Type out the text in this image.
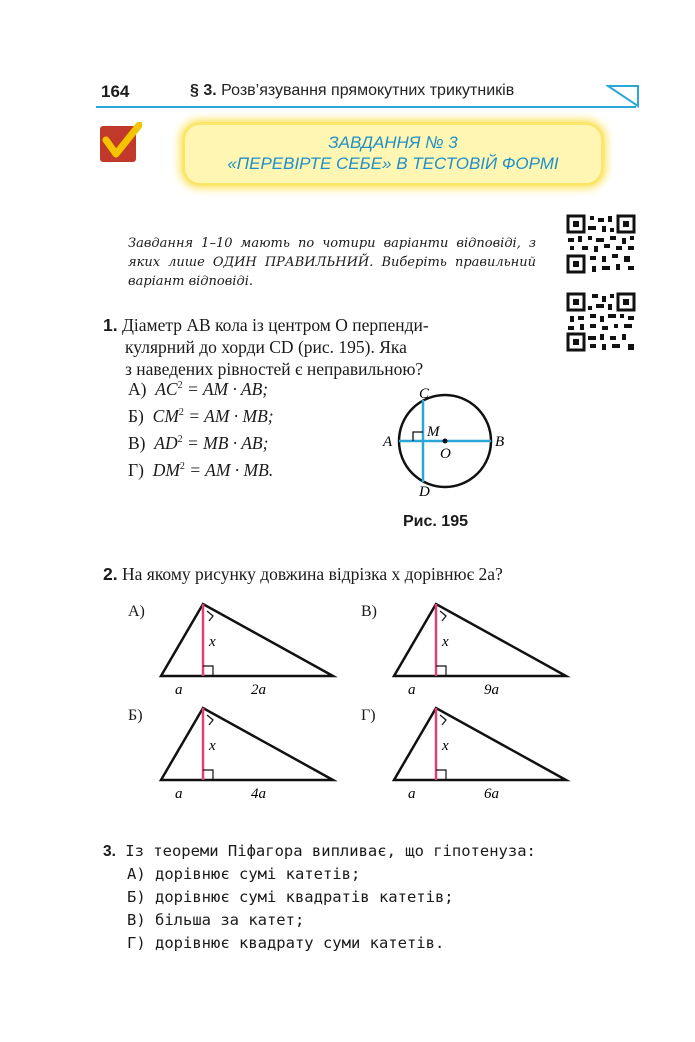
164	§ 3. Розв’язування прямокутних трикутників
ЗАВДАННЯ № 3
«ПЕРЕВІРТЕ СЕБЕ» В ТЕСТОВІЙ ФОРМІ
Завдання 1–10 мають по чотири варіанти відповіді, з яких лише ОДИН ПРАВИЛЬНИЙ. Виберіть правильний варіант відповіді.
1. Діаметр AB кола із центром O перпенди-
кулярний до хорди CD (рис. 195). Яка
з наведених рівностей є неправильною?
А) $AC^2$ = AM · AB;
Б) $CM^2$ = AM · MB;
В) $AD^2$ = MB · AB;
Г) $DM^2$ = AM · MB.
C
D
A	B
M
O
Рис. 195
2. На якому рисунку довжина відрізка x дорівнює 2a?
А)
x
a	2a
В)
x
a	9a
Б)
x
a	4a
Г)
x
a	6a
3. Із теореми Піфагора випливає, що гіпотенуза:
А) дорівнює сумі катетів;
Б) дорівнює сумі квадратів катетів;
В) більша за катет;
Г) дорівнює квадрату суми катетів.
